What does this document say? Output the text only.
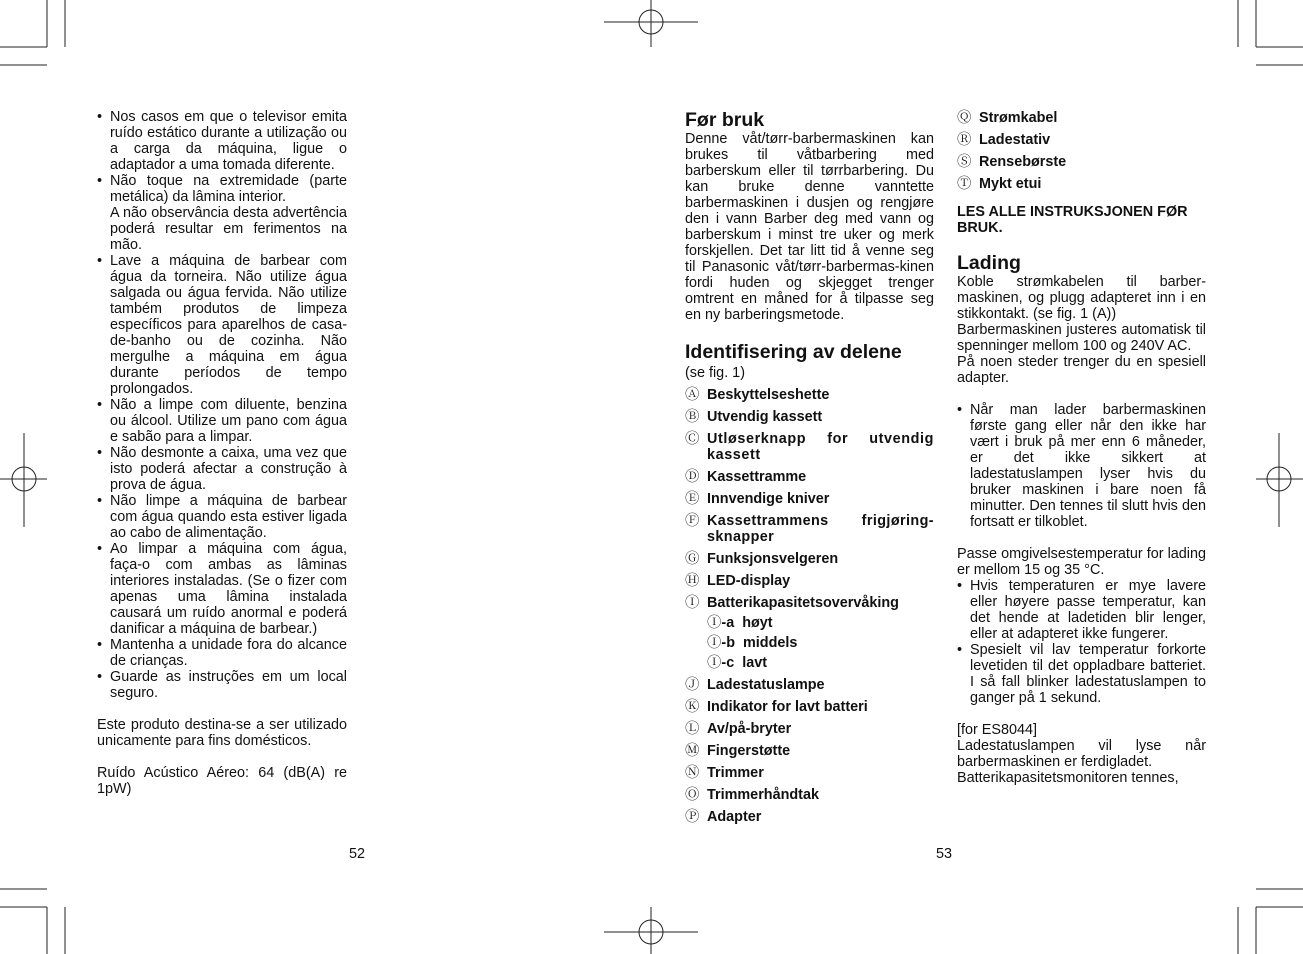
• Nos casos em que o televisor emita ruído estático durante a utilização ou a carga da máquina, ligue o adaptador a uma tomada diferente.
• Não toque na extremidade (parte metálica) da lâmina interior.
A não observância desta advertência poderá resultar em ferimentos na mão.
• Lave a máquina de barbear com água da torneira. Não utilize água salgada ou água fervida. Não utilize também produtos de limpeza específicos para aparelhos de casa-de-banho ou de cozinha. Não mergulhe a máquina em água durante períodos de tempo prolongados.
• Não a limpe com diluente, benzina ou álcool. Utilize um pano com água e sabão para a limpar.
• Não desmonte a caixa, uma vez que isto poderá afectar a construção à prova de água.
• Não limpe a máquina de barbear com água quando esta estiver ligada ao cabo de alimentação.
• Ao limpar a máquina com água, faça-o com ambas as lâminas interiores instaladas. (Se o fizer com apenas uma lâmina instalada causará um ruído anormal e poderá danificar a máquina de barbear.)
• Mantenha a unidade fora do alcance de crianças.
• Guarde as instruções em um local seguro.
Este produto destina-se a ser utilizado unicamente para fins domésticos.
Ruído Acústico Aéreo: 64 (dB(A) re 1pW)
52
Før bruk
Denne våt/tørr-barbermaskinen kan brukes til våtbarbering med barberskum eller til tørrbarbering. Du kan bruke denne vanntette barbermaskinen i dusjen og rengjøre den i vann Barber deg med vann og barberskum i minst tre uker og merk forskjellen. Det tar litt tid å venne seg til Panasonic våt/tørr-barbermas-kinen fordi huden og skjegget trenger omtrent en måned for å tilpasse seg en ny barberingsmetode.
Identifisering av delene
(se fig. 1)
Ⓐ Beskyttelseshette
Ⓑ Utvendig kassett
Ⓒ Utløserknapp for utvendig kassett
Ⓓ Kassettramme
Ⓔ Innvendige kniver
Ⓕ Kassettrammens frigjøring-sknapper
Ⓖ Funksjonsvelgeren
Ⓗ LED-display
Ⓘ Batterikapasitetsovervåking
Ⓘ-a høyt
Ⓘ-b middels
Ⓘ-c lavt
Ⓙ Ladestatuslampe
Ⓚ Indikator for lavt batteri
Ⓛ Av/på-bryter
Ⓜ Fingerstøtte
Ⓝ Trimmer
Ⓞ Trimmerhåndtak
Ⓟ Adapter
53
Ⓠ Strømkabel
Ⓡ Ladestativ
Ⓢ Rensebørste
Ⓣ Mykt etui
LES ALLE INSTRUKSJONEN FØR BRUK.
Lading
Koble strømkabelen til barber-maskinen, og plugg adapteret inn i en stikkontakt. (se fig. 1 (A))
Barbermaskinen justeres automatisk til spenninger mellom 100 og 240V AC.
På noen steder trenger du en spesiell adapter.
• Når man lader barbermaskinen første gang eller når den ikke har vært i bruk på mer enn 6 måneder, er det ikke sikkert at ladestatuslampen lyser hvis du bruker maskinen i bare noen få minutter. Den tennes til slutt hvis den fortsatt er tilkoblet.
Passe omgivelsestemperatur for lading er mellom 15 og 35 °C.
• Hvis temperaturen er mye lavere eller høyere passe temperatur, kan det hende at ladetiden blir lenger, eller at adapteret ikke fungerer.
• Spesielt vil lav temperatur forkorte levetiden til det oppladbare batteriet. I så fall blinker ladestatuslampen to ganger på 1 sekund.
[for ES8044]
Ladestatuslampen vil lyse når barbermaskinen er ferdigladet.
Batterikapasitetsmonitoren tennes,
